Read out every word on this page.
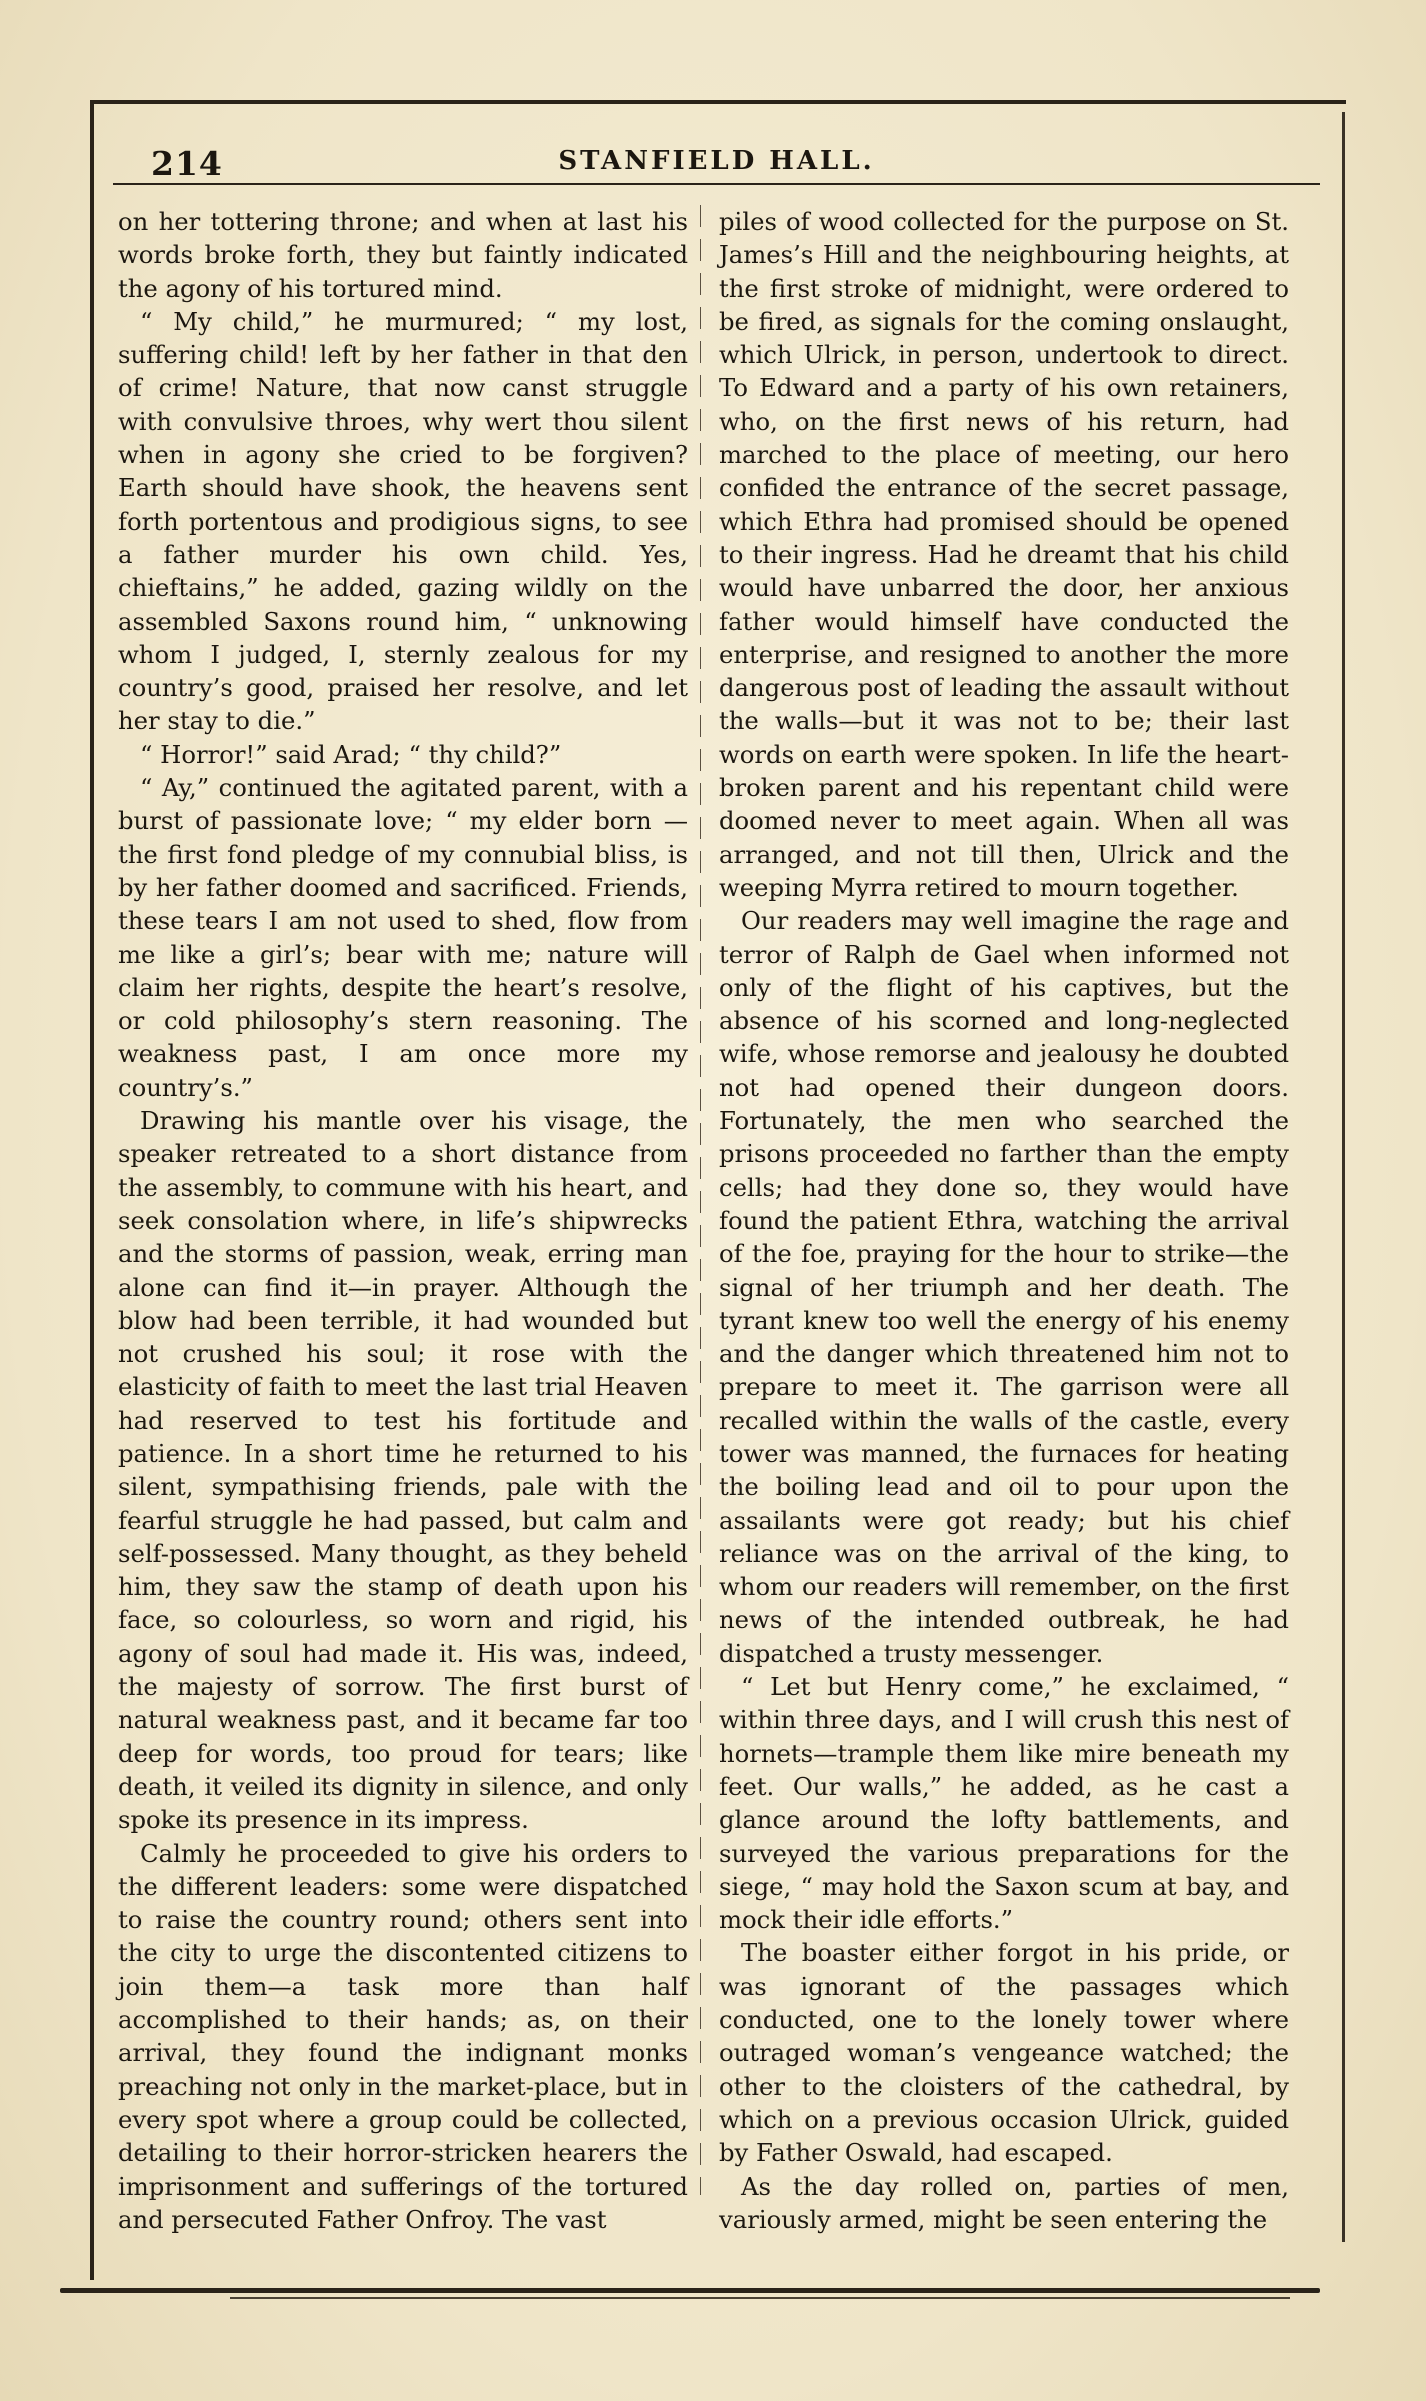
214	STANFIELD HALL.

on her tottering throne; and when at last his words broke forth, they but faintly indicated the agony of his tortured mind.

“ My child,” he murmured; “ my lost, suffering child! left by her father in that den of crime! Nature, that now canst struggle with convulsive throes, why wert thou silent when in agony she cried to be forgiven? Earth should have shook, the heavens sent forth portentous and prodigious signs, to see a father murder his own child. Yes, chieftains,” he added, gazing wildly on the assembled Saxons round him, “ unknowing whom I judged, I, sternly zealous for my country’s good, praised her resolve, and let her stay to die.”

“ Horror!” said Arad; “ thy child?”

“ Ay,” continued the agitated parent, with a burst of passionate love; “ my elder born —the first fond pledge of my connubial bliss, is by her father doomed and sacrificed. Friends, these tears I am not used to shed, flow from me like a girl’s; bear with me; nature will claim her rights, despite the heart’s resolve, or cold philosophy’s stern reasoning. The weakness past, I am once more my country’s.”

Drawing his mantle over his visage, the speaker retreated to a short distance from the assembly, to commune with his heart, and seek consolation where, in life’s shipwrecks and the storms of passion, weak, erring man alone can find it—in prayer. Although the blow had been terrible, it had wounded but not crushed his soul; it rose with the elasticity of faith to meet the last trial Heaven had reserved to test his fortitude and patience. In a short time he returned to his silent, sympathising friends, pale with the fearful struggle he had passed, but calm and self-possessed. Many thought, as they beheld him, they saw the stamp of death upon his face, so colourless, so worn and rigid, his agony of soul had made it. His was, indeed, the majesty of sorrow. The first burst of natural weakness past, and it became far too deep for words, too proud for tears; like death, it veiled its dignity in silence, and only spoke its presence in its impress.

Calmly he proceeded to give his orders to the different leaders: some were dispatched to raise the country round; others sent into the city to urge the discontented citizens to join them—a task more than half accomplished to their hands; as, on their arrival, they found the indignant monks preaching not only in the market-place, but in every spot where a group could be collected, detailing to their horror-stricken hearers the imprisonment and sufferings of the tortured and persecuted Father Onfroy. The vast

piles of wood collected for the purpose on St. James’s Hill and the neighbouring heights, at the first stroke of midnight, were ordered to be fired, as signals for the coming onslaught, which Ulrick, in person, undertook to direct. To Edward and a party of his own retainers, who, on the first news of his return, had marched to the place of meeting, our hero confided the entrance of the secret passage, which Ethra had promised should be opened to their ingress. Had he dreamt that his child would have unbarred the door, her anxious father would himself have conducted the enterprise, and resigned to another the more dangerous post of leading the assault without the walls—but it was not to be; their last words on earth were spoken. In life the heart-broken parent and his repentant child were doomed never to meet again. When all was arranged, and not till then, Ulrick and the weeping Myrra retired to mourn together.

Our readers may well imagine the rage and terror of Ralph de Gael when informed not only of the flight of his captives, but the absence of his scorned and long-neglected wife, whose remorse and jealousy he doubted not had opened their dungeon doors. Fortunately, the men who searched the prisons proceeded no farther than the empty cells; had they done so, they would have found the patient Ethra, watching the arrival of the foe, praying for the hour to strike—the signal of her triumph and her death. The tyrant knew too well the energy of his enemy and the danger which threatened him not to prepare to meet it. The garrison were all recalled within the walls of the castle, every tower was manned, the furnaces for heating the boiling lead and oil to pour upon the assailants were got ready; but his chief reliance was on the arrival of the king, to whom our readers will remember, on the first news of the intended outbreak, he had dispatched a trusty messenger.

“ Let but Henry come,” he exclaimed, “ within three days, and I will crush this nest of hornets—trample them like mire beneath my feet. Our walls,” he added, as he cast a glance around the lofty battlements, and surveyed the various preparations for the siege, “ may hold the Saxon scum at bay, and mock their idle efforts.”

The boaster either forgot in his pride, or was ignorant of the passages which conducted, one to the lonely tower where outraged woman’s vengeance watched; the other to the cloisters of the cathedral, by which on a previous occasion Ulrick, guided by Father Oswald, had escaped.

As the day rolled on, parties of men, variously armed, might be seen entering the
